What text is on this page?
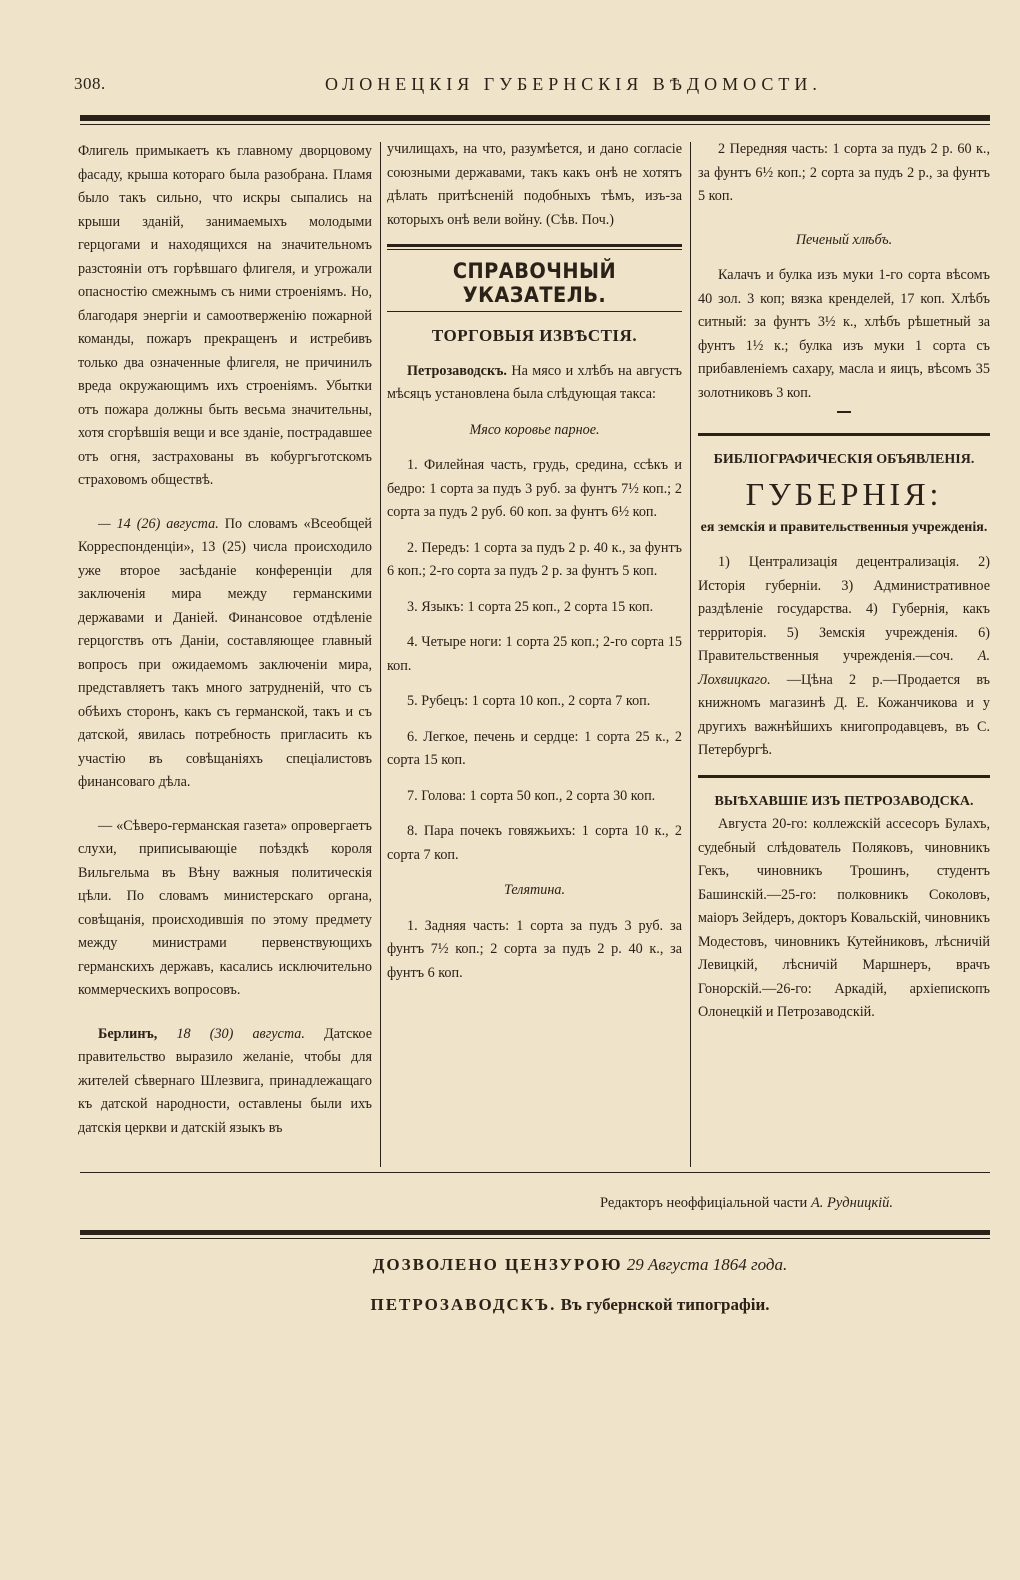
308.	ОЛОНЕЦКІЯ ГУБЕРНСКІЯ ВѢДОМОСТИ.

Флигель примыкаетъ къ главному дворцовому фасаду, крыша котораго была разобрана. Пламя было такъ сильно, что искры сыпались на крыши зданій, занимаемыхъ молодыми герцогами и находящихся на значительномъ разстояніи отъ горѣвшаго флигеля, и угрожали опасностію смежнымъ съ ними строеніямъ. Но, благодаря энергіи и самоотверженію пожарной команды, пожаръ прекращенъ и истребивъ только два означенные флигеля, не причинилъ вреда окружающимъ ихъ строеніямъ. Убытки отъ пожара должны быть весьма значительны, хотя сгорѣвшія вещи и все зданіе, пострадавшее отъ огня, застрахованы въ кобургъготскомъ страховомъ обществѣ.

— 14 (26) августа. По словамъ «Всеобщей Корреспонденціи», 13 (25) числа происходило уже второе засѣданіе конференціи для заключенія мира между германскими державами и Даніей. Финансовое отдѣленіе герцогствъ отъ Даніи, составляющее главный вопросъ при ожидаемомъ заключеніи мира, представляетъ такъ много затрудненій, что съ обѣихъ сторонъ, какъ съ германской, такъ и съ датской, явилась потребность пригласить къ участію въ совѣщаніяхъ спеціалистовъ финансоваго дѣла.

— «Сѣверо-германская газета» опровергаетъ слухи, приписывающіе поѣздкѣ короля Вильгельма въ Вѣну важныя политическія цѣли. По словамъ министерскаго органа, совѣщанія, происходившія по этому предмету между министрами первенствующихъ германскихъ державъ, касались исключительно коммерческихъ вопросовъ.

Берлинъ, 18 (30) августа. Датское правительство выразило желаніе, чтобы для жителей сѣвернаго Шлезвига, принадлежащаго къ датской народности, оставлены были ихъ датскія церкви и датскій языкъ въ

училищахъ, на что, разумѣется, и дано согласіе союзными державами, такъ какъ онѣ не хотятъ дѣлать притѣсненій подобныхъ тѣмъ, изъ-за которыхъ онѣ вели войну. (Сѣв. Поч.)

СПРАВОЧНЫЙ УКАЗАТЕЛЬ.
ТОРГОВЫЯ ИЗВѢСТІЯ.

Петрозаводскъ. На мясо и хлѣбъ на августъ мѣсяцъ установлена была слѣдующая такса:

Мясо коровье парное.

1. Филейная часть, грудь, средина, ссѣкъ и бедро: 1 сорта за пудъ 3 руб. за фунтъ 7½ коп.; 2 сорта за пудъ 2 руб. 60 коп. за фунтъ 6½ коп.

2. Передъ: 1 сорта за пудъ 2 р. 40 к., за фунтъ 6 коп.; 2-го сорта за пудъ 2 р. за фунтъ 5 коп.

3. Языкъ: 1 сорта 25 коп., 2 сорта 15 коп.

4. Четыре ноги: 1 сорта 25 коп.; 2-го сорта 15 коп.

5. Рубецъ: 1 сорта 10 коп., 2 сорта 7 коп.

6. Легкое, печень и сердце: 1 сорта 25 к., 2 сорта 15 коп.

7. Голова: 1 сорта 50 коп., 2 сорта 30 коп.

8. Пара почекъ говяжьихъ: 1 сорта 10 к., 2 сорта 7 коп.

Телятина.

1. Задняя часть: 1 сорта за пудъ 3 руб. за фунтъ 7½ коп.; 2 сорта за пудъ 2 р. 40 к., за фунтъ 6 коп.

2 Передняя часть: 1 сорта за пудъ 2 р. 60 к., за фунтъ 6½ коп.; 2 сорта за пудъ 2 р., за фунтъ 5 коп.

Печеный хлѣбъ.

Калачъ и булка изъ муки 1-го сорта вѣсомъ 40 зол. 3 коп; вязка кренделей, 17 коп. Хлѣбъ ситный: за фунтъ 3½ к., хлѣбъ рѣшетный за фунтъ 1½ к.; булка изъ муки 1 сорта съ прибавленіемъ сахару, масла и яицъ, вѣсомъ 35 золотниковъ 3 коп.

БИБЛІОГРАФИЧЕСКІЯ ОБЪЯВЛЕНІЯ.
ГУБЕРНІЯ:
ея земскія и правительственныя учрежденія.

1) Централизація децентрализація. 2) Исторія губерніи. 3) Административное раздѣленіе государства. 4) Губернія, какъ территорія. 5) Земскія учрежденія. 6) Правительственныя учрежденія.—соч. А. Лохвицкаго. —Цѣна 2 р.—Продается въ книжномъ магазинѣ Д. Е. Кожанчикова и у другихъ важнѣйшихъ книгопродавцевъ, въ С. Петербургѣ.

ВЫѢХАВШІЕ ИЗЪ ПЕТРОЗАВОДСКА.

Августа 20-го: коллежскій ассесоръ Булахъ, судебный слѣдователь Поляковъ, чиновникъ Гекъ, чиновникъ Трошинъ, студентъ Башинскій.—25-го: полковникъ Соколовъ, маіоръ Зейдеръ, докторъ Ковальскій, чиновникъ Модестовъ, чиновникъ Кутейниковъ, лѣсничій Левицкій, лѣсничій Маршнеръ, врачъ Гонорскій.—26-го: Аркадій, архіепископъ Олонецкій и Петрозаводскій.

Редакторъ неоффиціальной части А. Рудницкій.
ДОЗВОЛЕНО ЦЕНЗУРОЮ 29 Августа 1864 года.
ПЕТРОЗАВОДСКЪ. Въ губернской типографіи.
